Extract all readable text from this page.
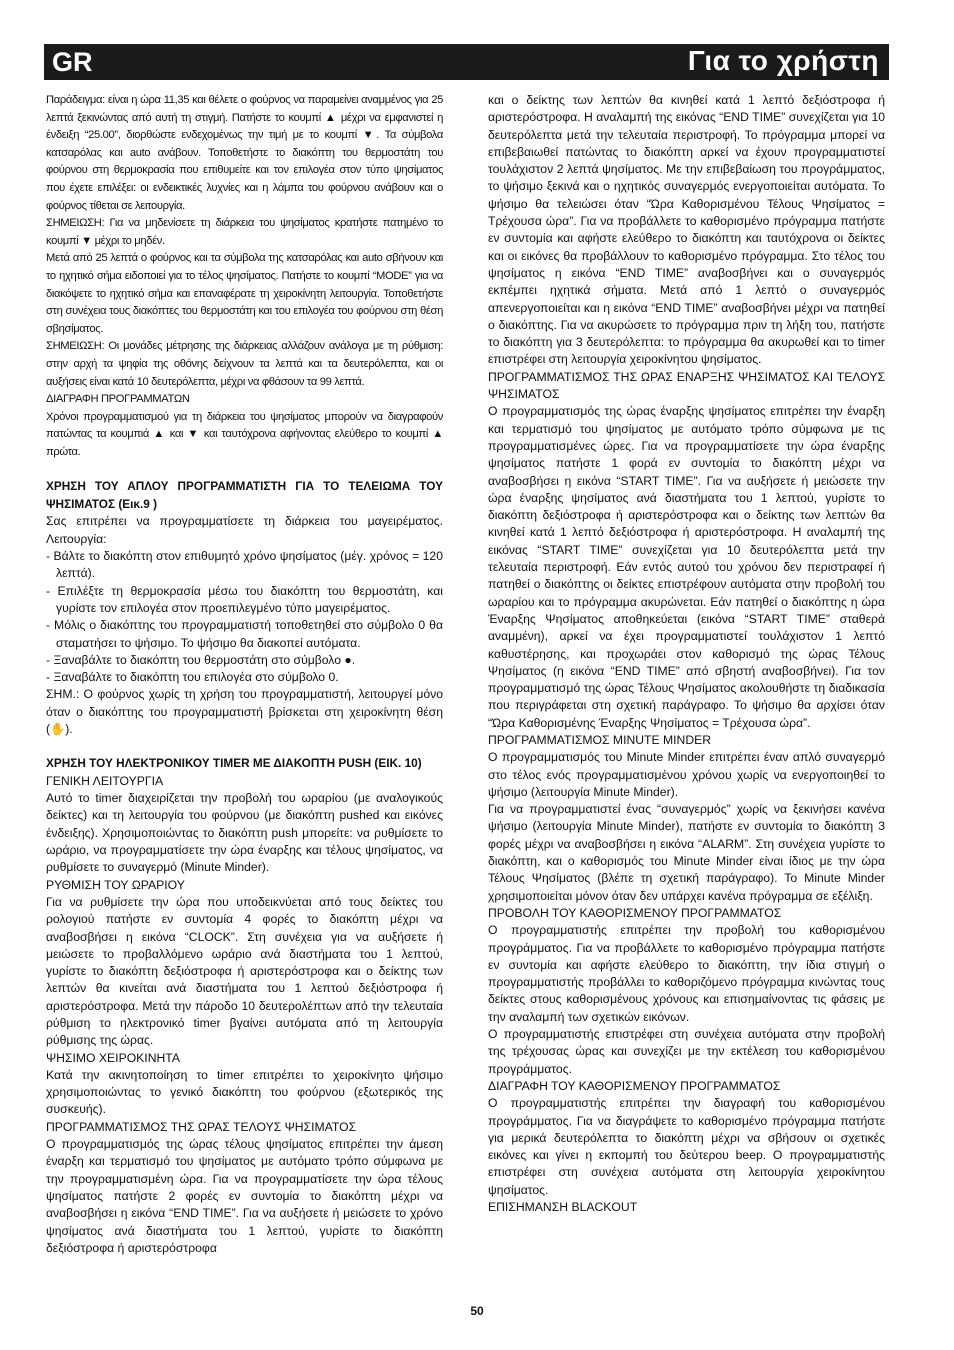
GR	Για το χρήστη

Παράδειγμα: είναι η ώρα 11,35 και θέλετε ο φούρνος να παραμείνει αναμμένος για 25 λεπτά ξεκινώντας από αυτή τη στιγμή. Πατήστε το κουμπί ▲ μέχρι να εμφανιστεί η ένδειξη “25.00”, διορθώστε ενδεχομένως την τιμή με το κουμπί ▼. Τα σύμβολα κατσαρόλας και auto ανάβουν. Τοποθετήστε το διακόπτη του θερμοστάτη του φούρνου στη θερμοκρασία που επιθυμείτε και τον επιλογέα στον τύπο ψησίματος που έχετε επιλέξει: οι ενδεικτικές λυχνίες και η λάμπα του φούρνου ανάβουν και ο φούρνος τίθεται σε λειτουργία.

ΣΗΜΕΙΩΣΗ: Για να μηδενίσετε τη διάρκεια του ψησίματος κρατήστε πατημένο το κουμπί ▼ μέχρι το μηδέν.

Μετά από 25 λεπτά ο φούρνος και τα σύμβολα της κατσαρόλας και auto σβήνουν και το ηχητικό σήμα ειδοποιεί για το τέλος ψησίματος. Πατήστε το κουμπί “MODE” για να διακόψετε το ηχητικό σήμα και επαναφέρατε τη χειροκίνητη λειτουργία. Τοποθετήστε στη συνέχεια τους διακόπτες του θερμοστάτη και του επιλογέα του φούρνου στη θέση σβησίματος.

ΣΗΜΕΙΩΣΗ: Οι μονάδες μέτρησης της διάρκειας αλλάζουν ανάλογα με τη ρύθμιση: στην αρχή τα ψηφία της οθόνης δείχνουν τα λεπτά και τα δευτερόλεπτα, και οι αυξήσεις είναι κατά 10 δευτερόλεπτα, μέχρι να φθάσουν τα 99 λεπτά.

ΔΙΑΓΡΑΦΗ ΠΡΟΓΡΑΜΜΑΤΩΝ

Χρόνοι προγραμματισμού για τη διάρκεια του ψησίματος μπορούν να διαγραφούν πατώντας τα κουμπιά ▲ και ▼ και ταυτόχρονα αφήνοντας ελεύθερο το κουμπί ▲ πρώτα.

ΧΡΗΣΗ ΤΟΥ ΑΠΛΟΥ ΠΡΟΓΡΑΜΜΑΤΙΣΤΗ ΓΙΑ ΤΟ ΤΕΛΕΙΩΜΑ ΤΟΥ ΨΗΣΙΜΑΤΟΣ (Εικ.9 )

Σας επιτρέπει να προγραμματίσετε τη διάρκεια του μαγειρέματος. Λειτουργία:

- Βάλτε το διακόπτη στον επιθυμητό χρόνο ψησίματος (μέγ. χρόνος = 120 λεπτά).

- Επιλέξτε τη θερμοκρασία μέσω του διακόπτη του θερμοστάτη, και γυρίστε τον επιλογέα στον προεπιλεγμένο τύπο μαγειρέματος.

- Μόλις ο διακόπτης του προγραμματιστή τοποθετηθεί στο σύμβολο 0 θα σταματήσει το ψήσιμο. Το ψήσιμο θα διακοπεί αυτόματα.

- Ξαναβάλτε το διακόπτη του θερμοστάτη στο σύμβολο ●.

- Ξαναβάλτε το διακόπτη του επιλογέα στο σύμβολο 0.

ΣΗΜ.: Ο φούρνος χωρίς τη χρήση του προγραμματιστή, λειτουργεί μόνο όταν ο διακόπτης του προγραμματιστή βρίσκεται στη χειροκίνητη θέση (✋).

ΧΡΗΣΗ ΤΟΥ ΗΛΕΚΤΡΟΝΙΚΟΥ TIMER ΜΕ ΔΙΑΚΟΠΤΗ PUSH (ΕΙΚ. 10)

ΓΕΝΙΚΗ ΛΕΙΤΟΥΡΓΙΑ

Αυτό το timer διαχειρίζεται την προβολή του ωραρίου (με αναλογικούς δείκτες) και τη λειτουργία του φούρνου (με διακόπτη pushed και εικόνες ένδειξης). Χρησιμοποιώντας το διακόπτη push μπορείτε: να ρυθμίσετε το ωράριο, να προγραμματίσετε την ώρα έναρξης και τέλους ψησίματος, να ρυθμίσετε το συναγερμό (Minute Minder).

ΡΥΘΜΙΣΗ ΤΟΥ ΩΡΑΡΙΟΥ

Για να ρυθμίσετε την ώρα που υποδεικνύεται από τους δείκτες του ρολογιού πατήστε εν συντομία 4 φορές το διακόπτη μέχρι να αναβοσβήσει η εικόνα “CLOCK”. Στη συνέχεια για να αυξήσετε ή μειώσετε το προβαλλόμενο ωράριο ανά διαστήματα του 1 λεπτού, γυρίστε το διακόπτη δεξιόστροφα ή αριστερόστροφα και ο δείκτης των λεπτών θα κινείται ανά διαστήματα του 1 λεπτού δεξιόστροφα ή αριστερόστροφα. Μετά την πάροδο 10 δευτερολέπτων από την τελευταία ρύθμιση το ηλεκτρονικό timer βγαίνει αυτόματα από τη λειτουργία ρύθμισης της ώρας.

ΨΗΣΙΜΟ ΧΕΙΡΟΚΙΝΗΤΑ

Κατά την ακινητοποίηση το timer επιτρέπει το χειροκίνητο ψήσιμο χρησιμοποιώντας το γενικό διακόπτη του φούρνου (εξωτερικός της συσκευής).

ΠΡΟΓΡΑΜΜΑΤΙΣΜΟΣ ΤΗΣ ΩΡΑΣ ΤΕΛΟΥΣ ΨΗΣΙΜΑΤΟΣ

Ο προγραμματισμός της ώρας τέλους ψησίματος επιτρέπει την άμεση έναρξη και τερματισμό του ψησίματος με αυτόματο τρόπο σύμφωνα με την προγραμματισμένη ώρα. Για να προγραμματίσετε την ώρα τέλους ψησίματος πατήστε 2 φορές εν συντομία το διακόπτη μέχρι να αναβοσβήσει η εικόνα “END TIME”. Για να αυξήσετε ή μειώσετε το χρόνο ψησίματος ανά διαστήματα του 1 λεπτού, γυρίστε το διακόπτη δεξιόστροφα ή αριστερόστροφα

και ο δείκτης των λεπτών θα κινηθεί κατά 1 λεπτό δεξιόστροφα ή αριστερόστροφα. Η αναλαμπή της εικόνας “END TIME” συνεχίζεται για 10 δευτερόλεπτα μετά την τελευταία περιστροφή. Το πρόγραμμα μπορεί να επιβεβαιωθεί πατώντας το διακόπτη αρκεί να έχουν προγραμματιστεί τουλάχιστον 2 λεπτά ψησίματος. Με την επιβεβαίωση του προγράμματος, το ψήσιμο ξεκινά και ο ηχητικός συναγερμός ενεργοποιείται αυτόματα. Το ψήσιμο θα τελειώσει όταν “Ώρα Καθορισμένου Τέλους Ψησίματος = Τρέχουσα ώρα”. Για να προβάλλετε το καθορισμένο πρόγραμμα πατήστε εν συντομία και αφήστε ελεύθερο το διακόπτη και ταυτόχρονα οι δείκτες και οι εικόνες θα προβάλλουν το καθορισμένο πρόγραμμα. Στο τέλος του ψησίματος η εικόνα “END TIME” αναβοσβήνει και ο συναγερμός εκπέμπει ηχητικά σήματα. Μετά από 1 λεπτό ο συναγερμός απενεργοποιείται και η εικόνα “END TIME” αναβοσβήνει μέχρι να πατηθεί ο διακόπτης. Για να ακυρώσετε το πρόγραμμα πριν τη λήξη του, πατήστε το διακόπτη για 3 δευτερόλεπτα: το πρόγραμμα θα ακυρωθεί και το timer επιστρέφει στη λειτουργία χειροκίνητου ψησίματος.

ΠΡΟΓΡΑΜΜΑΤΙΣΜΟΣ ΤΗΣ ΩΡΑΣ ΕΝΑΡΞΗΣ ΨΗΣΙΜΑΤΟΣ ΚΑΙ ΤΕΛΟΥΣ ΨΗΣΙΜΑΤΟΣ

Ο προγραμματισμός της ώρας έναρξης ψησίματος επιτρέπει την έναρξη και τερματισμό του ψησίματος με αυτόματο τρόπο σύμφωνα με τις προγραμματισμένες ώρες. Για να προγραμματίσετε την ώρα έναρξης ψησίματος πατήστε 1 φορά εν συντομία το διακόπτη μέχρι να αναβοσβήσει η εικόνα “START TIME”. Για να αυξήσετε ή μειώσετε την ώρα έναρξης ψησίματος ανά διαστήματα του 1 λεπτού, γυρίστε το διακόπτη δεξιόστροφα ή αριστερόστροφα και ο δείκτης των λεπτών θα κινηθεί κατά 1 λεπτό δεξιόστροφα ή αριστερόστροφα. Η αναλαμπή της εικόνας “START TIME” συνεχίζεται για 10 δευτερόλεπτα μετά την τελευταία περιστροφή. Εάν εντός αυτού του χρόνου δεν περιστραφεί ή πατηθεί ο διακόπτης οι δείκτες επιστρέφουν αυτόματα στην προβολή του ωραρίου και το πρόγραμμα ακυρώνεται. Εάν πατηθεί ο διακόπτης η ώρα Έναρξης Ψησίματος αποθηκεύεται (εικόνα “START TIME” σταθερά αναμμένη), αρκεί να έχει προγραμματιστεί τουλάχιστον 1 λεπτό καθυστέρησης, και προχωράει στον καθορισμό της ώρας Τέλους Ψησίματος (η εικόνα “END TIME” από σβηστή αναβοσβήνει). Για τον προγραμματισμό της ώρας Τέλους Ψησίματος ακολουθήστε τη διαδικασία που περιγράφεται στη σχετική παράγραφο. Το ψήσιμο θα αρχίσει όταν “Ώρα Καθορισμένης Έναρξης Ψησίματος = Τρέχουσα ώρα”.

ΠΡΟΓΡΑΜΜΑΤΙΣΜΟΣ MINUTE MINDER

Ο προγραμματισμός του Minute Minder επιτρέπει έναν απλό συναγερμό στο τέλος ενός προγραμματισμένου χρόνου χωρίς να ενεργοποιηθεί το ψήσιμο (λειτουργία Minute Minder).

Για να προγραμματιστεί ένας “συναγερμός” χωρίς να ξεκινήσει κανένα ψήσιμο (λειτουργία Minute Minder), πατήστε εν συντομία το διακόπτη 3 φορές μέχρι να αναβοσβήσει η εικόνα “ALARM”. Στη συνέχεια γυρίστε το διακόπτη, και ο καθορισμός του Minute Minder είναι ίδιος με την ώρα Τέλους Ψησίματος (βλέπε τη σχετική παράγραφο). Το Minute Minder χρησιμοποιείται μόνον όταν δεν υπάρχει κανένα πρόγραμμα σε εξέλιξη.

ΠΡΟΒΟΛΗ ΤΟΥ ΚΑΘΟΡΙΣΜΕΝΟΥ ΠΡΟΓΡΑΜΜΑΤΟΣ

Ο προγραμματιστής επιτρέπει την προβολή του καθορισμένου προγράμματος. Για να προβάλλετε το καθορισμένο πρόγραμμα πατήστε εν συντομία και αφήστε ελεύθερο το διακόπτη, την ίδια στιγμή ο προγραμματιστής προβάλλει το καθοριζόμενο πρόγραμμα κινώντας τους δείκτες στους καθορισμένους χρόνους και επισημαίνοντας τις φάσεις με την αναλαμπή των σχετικών εικόνων.

Ο προγραμματιστής επιστρέφει στη συνέχεια αυτόματα στην προβολή της τρέχουσας ώρας και συνεχίζει με την εκτέλεση του καθορισμένου προγράμματος.

ΔΙΑΓΡΑΦΗ ΤΟΥ ΚΑΘΟΡΙΣΜΕΝΟΥ ΠΡΟΓΡΑΜΜΑΤΟΣ

Ο προγραμματιστής επιτρέπει την διαγραφή του καθορισμένου προγράμματος. Για να διαγράψετε το καθορισμένο πρόγραμμα πατήστε για μερικά δευτερόλεπτα το διακόπτη μέχρι να σβήσουν οι σχετικές εικόνες και γίνει η εκπομπή του δεύτερου beep. Ο προγραμματιστής επιστρέφει στη συνέχεια αυτόματα στη λειτουργία χειροκίνητου ψησίματος.

ΕΠΙΣΗΜΑΝΣΗ BLACKOUT

50
